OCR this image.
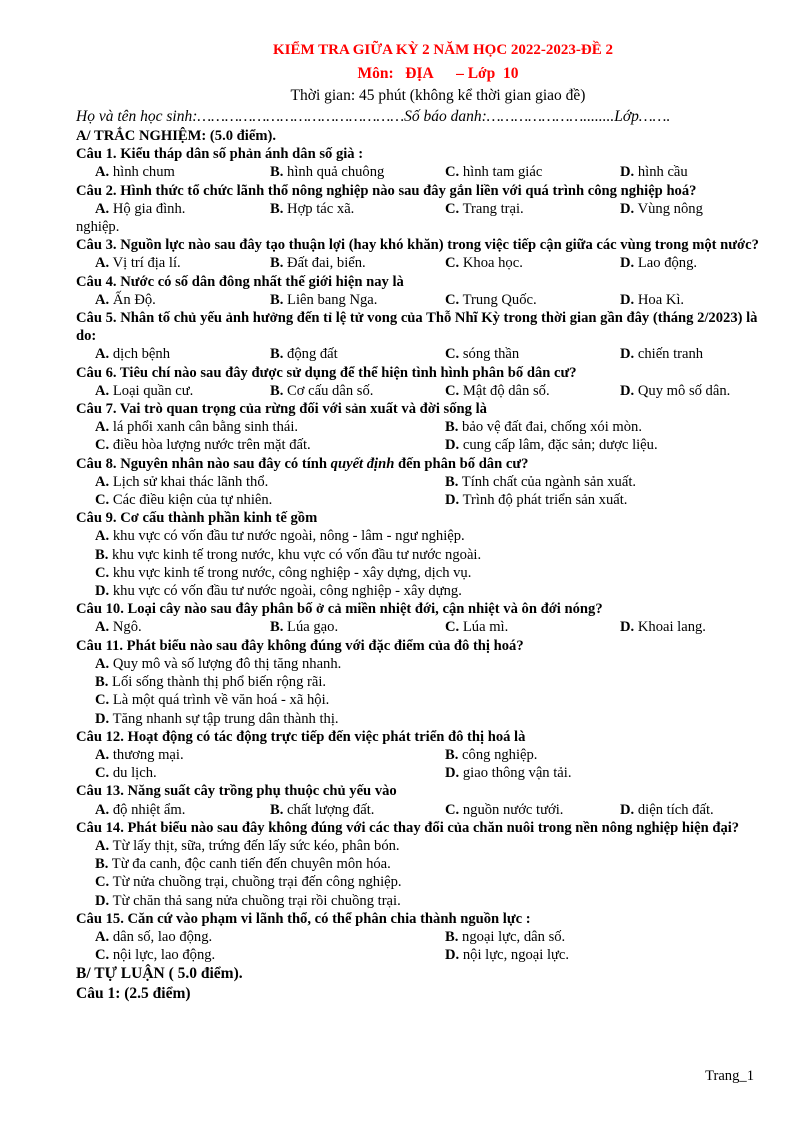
KIỂM TRA GIỮA KỲ 2 NĂM HỌC 2022-2023-ĐỀ 2
Môn:   ĐỊA      – Lớp  10
Thời gian: 45 phút (không kể thời gian giao đề)
Họ và tên học sinh:………………………………………Số báo danh:…………………........Lớp…….
A/ TRẮC NGHIỆM: (5.0 điểm).
Câu 1. Kiểu tháp dân số phản ánh dân số già :
A. hình chum	B. hình quả chuông	C. hình tam giác	D. hình cầu
Câu 2. Hình thức tổ chức lãnh thổ nông nghiệp nào sau đây gắn liền với quá trình công nghiệp hoá?
A. Hộ gia đình.	B. Hợp tác xã.	C. Trang trại.	D. Vùng nông
nghiệp.
Câu 3. Nguồn lực nào sau đây tạo thuận lợi (hay khó khăn) trong việc tiếp cận giữa các vùng trong một nước?
A. Vị trí địa lí.	B. Đất đai, biển.	C. Khoa học.	D. Lao động.
Câu 4. Nước có số dân đông nhất thế giới hiện nay là
A. Ấn Độ.	B. Liên bang Nga.	C. Trung Quốc.	D. Hoa Kì.
Câu 5. Nhân tố chủ yếu ảnh hưởng đến tỉ lệ tử vong của Thỗ Nhĩ Kỳ trong thời gian gần đây (tháng 2/2023) là do:
A. dịch bệnh	B. động đất	C. sóng thần	D. chiến tranh
Câu 6. Tiêu chí nào sau đây được sử dụng để thể hiện tình hình phân bố dân cư?
A. Loại quần cư.	B. Cơ cấu dân số.	C. Mật độ dân số.	D. Quy mô số dân.
Câu 7. Vai trò quan trọng của rừng đối với sản xuất và đời sống là
A. lá phổi xanh cân bằng sinh thái.	B. bảo vệ đất đai, chống xói mòn.
C. điều hòa lượng nước trên mặt đất.	D. cung cấp lâm, đặc sản; dược liệu.
Câu 8. Nguyên nhân nào sau đây có tính quyết định đến phân bố dân cư?
A. Lịch sử khai thác lãnh thổ.	B. Tính chất của ngành sản xuất.
C. Các điều kiện của tự nhiên.	D. Trình độ phát triển sản xuất.
Câu 9. Cơ cấu thành phần kinh tế gồm
A. khu vực có vốn đầu tư nước ngoài, nông - lâm - ngư nghiệp.
B. khu vực kinh tế trong nước, khu vực có vốn đầu tư nước ngoài.
C. khu vực kinh tế trong nước, công nghiệp - xây dựng, dịch vụ.
D. khu vực có vốn đầu tư nước ngoài, công nghiệp - xây dựng.
Câu 10. Loại cây nào sau đây phân bố ở cả miền nhiệt đới, cận nhiệt và ôn đới nóng?
A. Ngô.	B. Lúa gạo.	C. Lúa mì.	D. Khoai lang.
Câu 11. Phát biểu nào sau đây không đúng với đặc điểm của đô thị hoá?
A. Quy mô và số lượng đô thị tăng nhanh.
B. Lối sống thành thị phổ biến rộng rãi.
C. Là một quá trình về văn hoá - xã hội.
D. Tăng nhanh sự tập trung dân thành thị.
Câu 12. Hoạt động có tác động trực tiếp đến việc phát triển đô thị hoá là
A. thương mại.	B. công nghiệp.
C. du lịch.	D. giao thông vận tải.
Câu 13. Năng suất cây trồng phụ thuộc chủ yếu vào
A. độ nhiệt ẩm.	B. chất lượng đất.	C. nguồn nước tưới.	D. diện tích đất.
Câu 14. Phát biểu nào sau đây không đúng với các thay đổi của chăn nuôi trong nền nông nghiệp hiện đại?
A. Từ lấy thịt, sữa, trứng đến lấy sức kéo, phân bón.
B. Từ đa canh, độc canh tiến đến chuyên môn hóa.
C. Từ nửa chuồng trại, chuồng trại đến công nghiệp.
D. Từ chăn thả sang nửa chuồng trại rồi chuồng trại.
Câu 15. Căn cứ vào phạm vi lãnh thổ, có thể phân chia thành nguồn lực :
A. dân số, lao động.	B. ngoại lực, dân số.
C. nội lực, lao động.	D. nội lực, ngoại lực.
B/ TỰ LUẬN ( 5.0 điểm).
Câu 1: (2.5 điểm)
Trang_1
